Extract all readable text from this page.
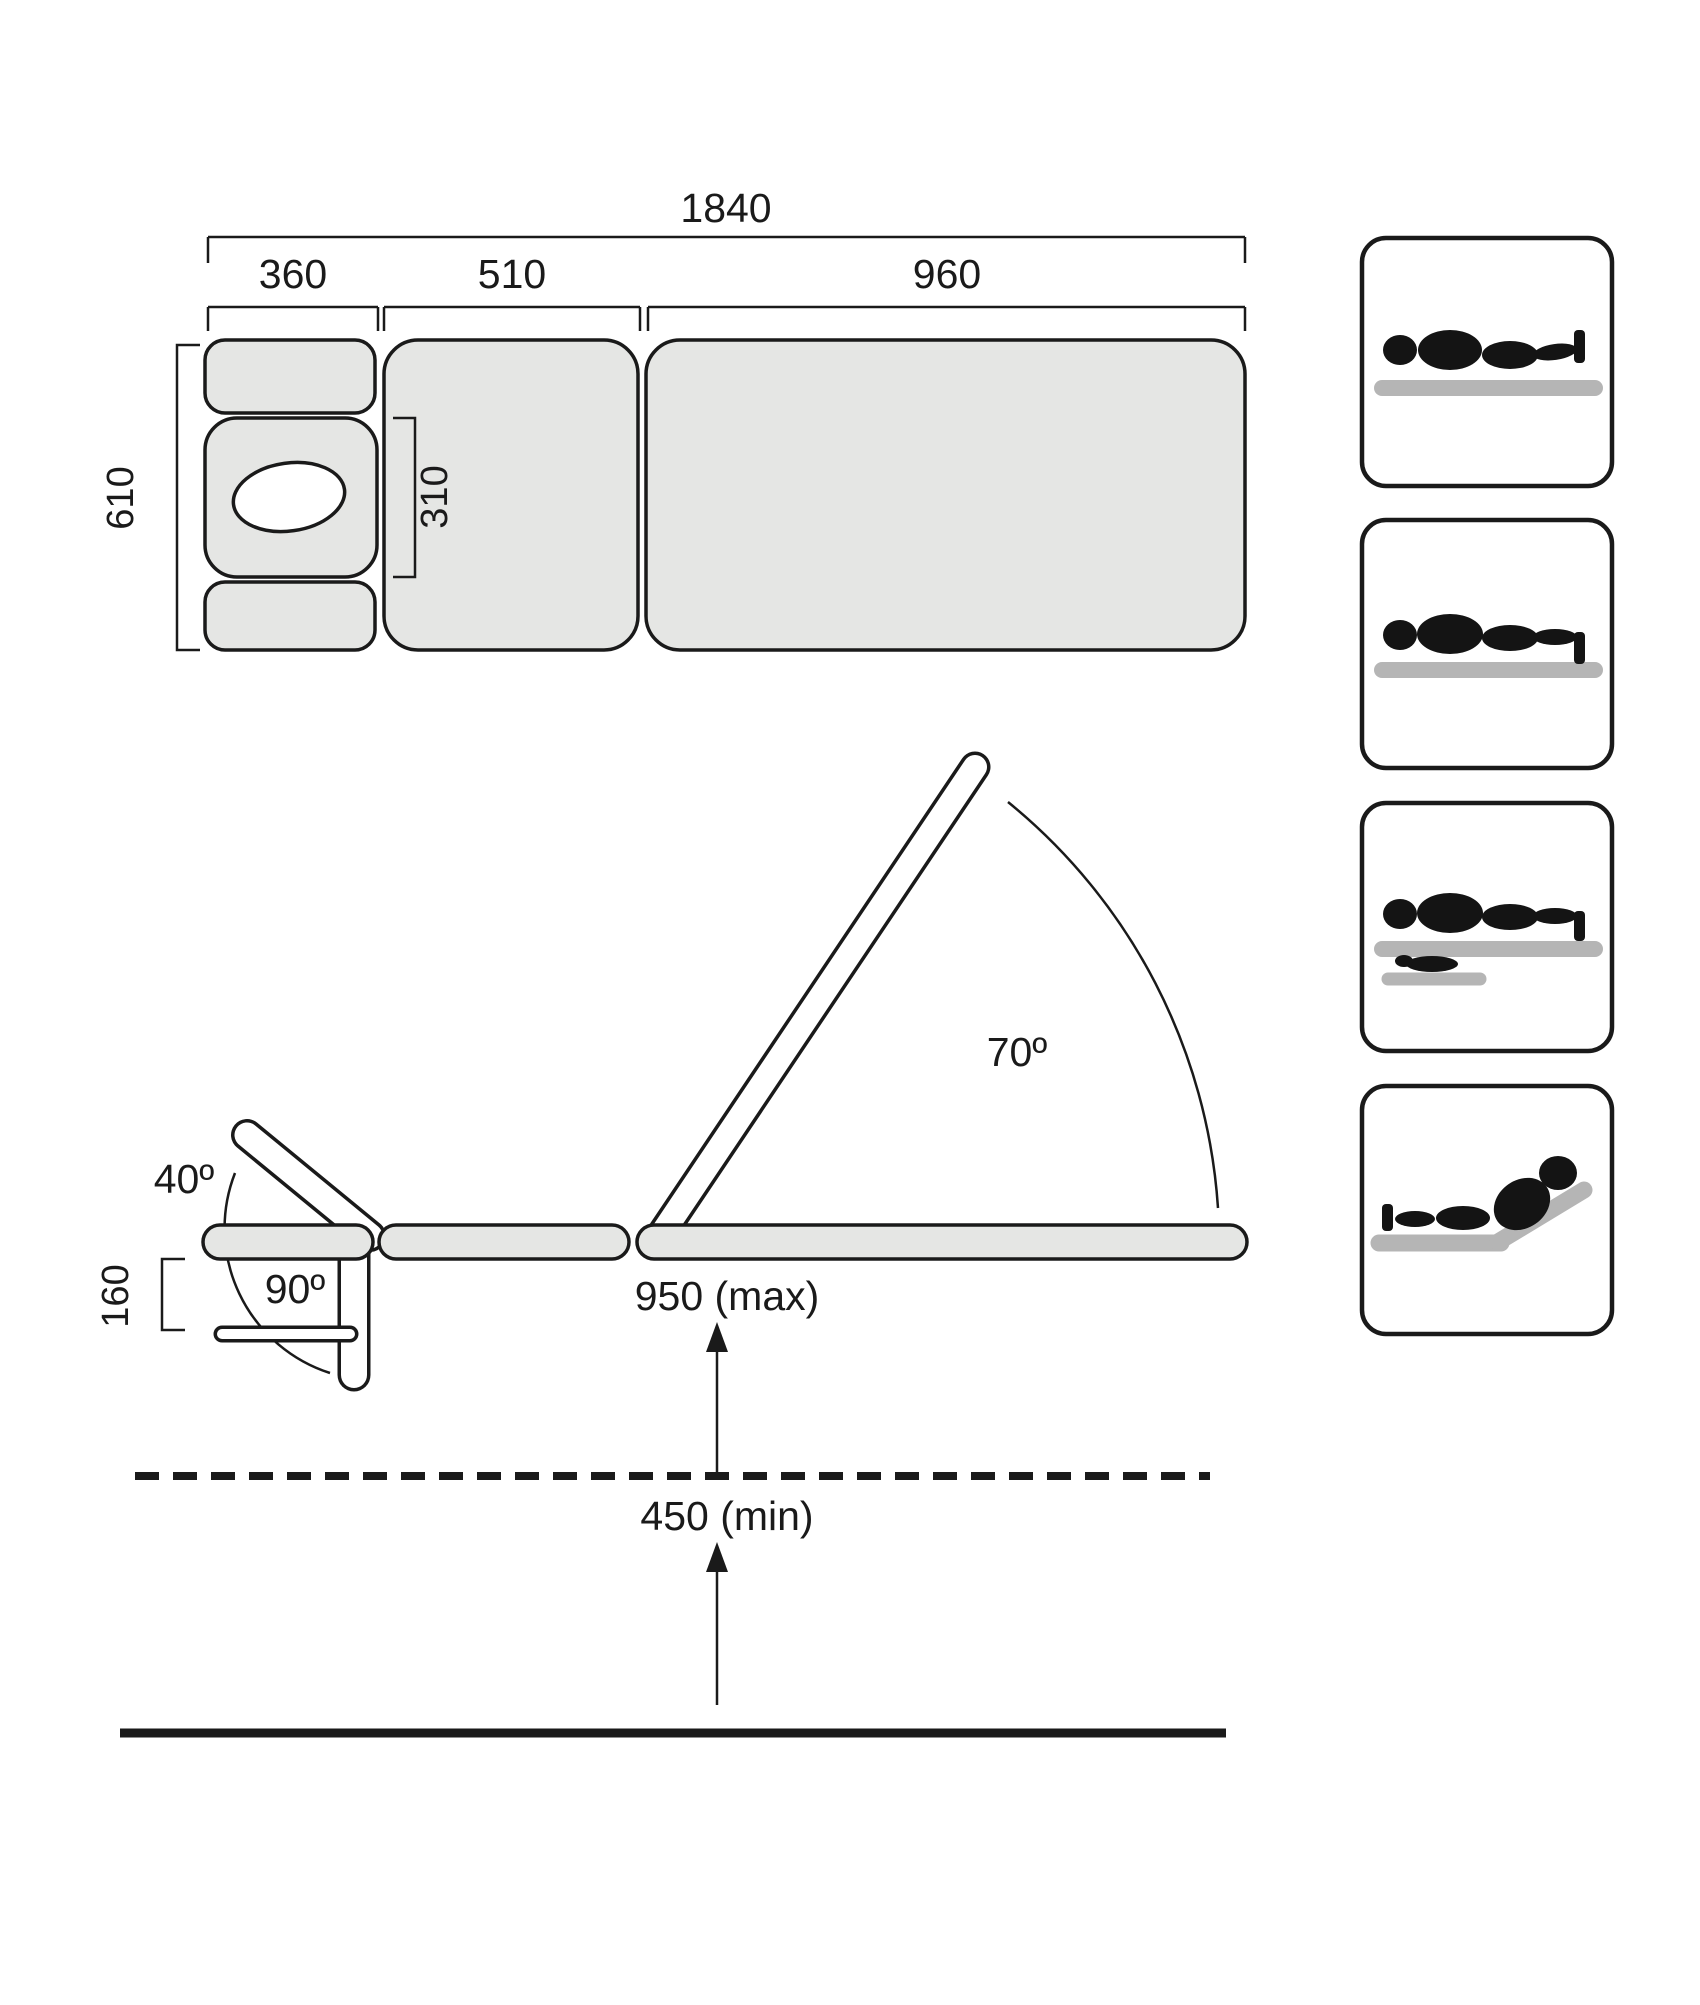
1840
360	510	960
610	310
40º
90º
70º
160	950 (max)
450 (min)
